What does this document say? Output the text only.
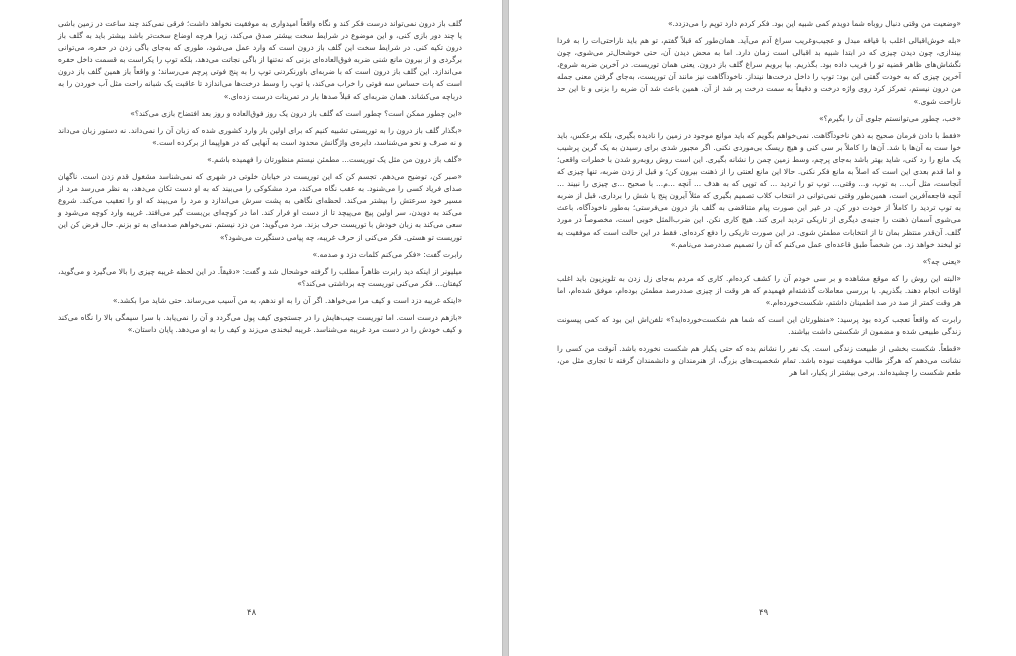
گلف باز درون نمی‌تواند درست فکر کند و نگاه واقعاً امیدواری به موفقیت نخواهد داشت؛ فرقی نمی‌کند چند ساعت در زمین باشی یا چند دور بازی کنی، و این موضوع در شرایط سخت بیشتر صدق می‌کند، زیرا هرچه اوضاع سخت‌تر باشد بیشتر باید به گلف باز درون تکیه کنی. در شرایط سخت این گلف باز درون است که وارد عمل می‌شود، طوری که به‌جای باگی زدن در حفره، می‌توانی برگردی و از بیرون مانع شنی ضربه فوق‌العاده‌ای بزنی که نه‌تنها از باگی نجاتت می‌دهد، بلکه توپ را یکراست به قسمت داخل حفره می‌اندازد. این گلف باز درون است که با ضربه‌ای باورنکردنی توپ را به پنج فوتی پرچم می‌رساند؛ و واقعاً باز همین گلف باز درون است که پات حساس سه فوتی را خراب می‌کند، یا توپ را وسط درخت‌ها می‌اندازد تا عاقبت یک شبانه راحت مثل آب خوردن را به درباچه می‌کشاند. همان ضربه‌ای که قبلاً صدها بار در تمرینات درست زده‌ای.»

«این چطور ممکن است؟ چطور است که گلف باز درون یک روز فوق‌العاده و روز بعد افتضاح بازی می‌کند؟»

«بگذار گلف باز درون را به توریستی تشبیه کنیم که برای اولین بار وارد کشوری شده که زبان آن را نمی‌داند. نه دستور زبان می‌داند و نه صرف و نحو می‌شناسد، دایره‌ی واژگانش محدود است به آنهایی که در هواپیما از برکرده است.»

«گلف باز درون من مثل یک توریست... مطمئن نیستم منظورتان را فهمیده باشم.»

«صبر کن، توضیح می‌دهم. تجسم کن که این توریست در خیابان خلوتی در شهری که نمی‌شناسد مشغول قدم زدن است. ناگهان صدای فریاد کسی را می‌شنود. به عقب نگاه می‌کند، مرد مشکوکی را می‌بیند که به او دست تکان می‌دهد، به نظر می‌رسد مرد از مسیر خود سرعتش را بیشتر می‌کند. لحظه‌ای نگاهی به پشت سرش می‌اندازد و مرد را می‌بیند که او را تعقیب می‌کند. شروع می‌کند به دویدن، سر اولین پیچ می‌پیچد تا از دست او فرار کند. اما در کوچه‌ای بن‌بست گیر می‌افتد. غریبه وارد کوچه می‌شود و سعی می‌کند به زبان خودش با توریست حرف بزند. مرد می‌گوید: من دزد نیستم. نمی‌خواهم صدمه‌ای به تو بزنم. حال فرض کن این توریست تو هستی. فکر می‌کنی از حرف غریبه، چه پیامی دستگیرت می‌شود؟»

رابرت گفت: «فکر می‌کنم کلمات دزد و صدمه.»

میلیونر از اینکه دید رابرت ظاهراً مطلب را گرفته خوشحال شد و گفت: «دقیقاً. در این لحظه غریبه چیزی را بالا می‌گیرد و می‌گوید، کیفتان... فکر می‌کنی توریست چه برداشتی می‌کند؟»

«اینکه غریبه دزد است و کیف مرا می‌خواهد. اگر آن را به او ندهم، به من آسیب می‌رساند. حتی شاید مرا بکشد.»

«بازهم درست است. اما توریست جیب‌هایش را در جستجوی کیف پول می‌گردد و آن را نمی‌یابد. با سرا سیمگی بالا را نگاه می‌کند و کیف خودش را در دست مرد غریبه می‌شناسد. غریبه لبخندی می‌زند و کیف را به او می‌دهد. پایان داستان.»

۴۸

«وضعیت من وقتی دنبال روباه شما دویدم کمی شبیه این بود. فکر کردم دارد توپم را می‌دزدد.»

«بله خوش‌اقبالی اغلب با قیافه مبدل و عجیب‌وغریب سراغ آدم می‌آید. همان‌طور که قبلاً گفتم، تو هم باید ناراحتی‌ات را به فردا بیندازی، چون دیدن چیزی که در ابتدا شبیه بد اقبالی است زمان دارد. اما به محض دیدن آن، حتی خوشحال‌تر می‌شوی، چون نگشاش‌های ظاهر قضیه تو را فریب داده بود. بگذریم. بیا برویم سراغ گلف باز درون. یعنی همان توریست. در آخرین ضربه شروع، آخرین چیزی که به خودت گفتی این بود: توپ را داخل درخت‌ها نینداز. ناخودآگاهت نیز مانند آن توریست، به‌جای گرفتن معنی جمله من درون نیستم، تمرکز کرد روی واژه درخت و دقیقاً به سمت درخت پر شد از آن. همین باعث شد آن ضربه را بزنی و تا این حد ناراحت شوی.»

«خب، چطور می‌توانستم جلوی آن را بگیرم؟»

«فقط با دادن فرمان صحیح به ذهن ناخودآگاهت. نمی‌خواهم بگویم که باید موانع موجود در زمین را نادیده بگیری، بلکه برعکس، باید خوا ست به آن‌ها با شد. آن‌ها را کاملاً بر سی کنی و هیچ ریسک بی‌موردی نکنی. اگر مجبور شدی برای رسیدن به یک گرین پرشیب یک مانع را رد کنی، شاید بهتر باشد به‌جای پرچم، وسط زمین چمن را نشانه بگیری. این است روش روبه‌رو شدن با خطرات واقعی؛ و اما قدم بعدی این است که اصلاً به مانع فکر نکنی. حالا این مانع لعنتی را از ذهنت بیرون کن؛ و قبل از زدن ضربه، تنها چیزی که آنجاست، مثل آب... به توپ، و... وقتی... توپ تو را تردید ... که توپی که به هدف ... آنچه ...م... با صحیح ...ی چیزی را نبیند ... آنچه فاجعه‌آفرین است، همین‌طور وقتی نمی‌توانی در انتخاب کلاب تصمیم بگیری که مثلاً آیرون پنج یا شش را برداری، قبل از ضربه به توپ تردید را کاملاً از خودت دور کن. در غیر این صورت پیام متناقضی به گلف باز درون می‌فرستی؛ به‌طور ناخودآگاه، باعث می‌شوی آسمان ذهنت را جنبه‌ی دیگری از تاریکی تردید ابری کند. هیچ کاری نکن. این ضرب‌المثل خوبی است، مخصوصاً در مورد گلف. آن‌قدر منتظر بمان تا از انتخابات مطمئن شوی. در این صورت تاریکی را دفع کرده‌ای. فقط در این حالت است که موفقیت به تو لبخند خواهد زد. من شخصاً طبق قاعده‌ای عمل می‌کنم که آن را تصمیم صددرصد می‌نامم.»

«یعنی چه؟»

«البته این روش را که موقع مشاهده و بر سی خودم آن را کشف کرده‌ام. کاری که مردم به‌جای زل زدن به تلویزیون باید اغلب اوقات انجام دهند. بگذریم. با بررسی معاملات گذشته‌ام فهمیدم که هر وقت از چیزی صددرصد مطمئن بوده‌ام، موفق شده‌ام، اما هر وقت کمتر از صد در صد اطمینان داشتم، شکست‌خورده‌ام.»

رابرت که واقعاً تعجب کرده بود پرسید: «منظورتان این است که شما هم شکست‌خورده‌اید؟» تلفن‌اش این بود که کمی پیسونت زندگی طبیعی شده و مضمون از شکستی داشت بیاشند.

«قطعاً. شکست بخشی از طبیعت زندگی است. یک نفر را نشانم بده که حتی یکبار هم شکست نخورده باشد. آنوقت من کسی را نشانت می‌دهم که هرگز طالب موفقیت نبوده باشد. تمام شخصیت‌های بزرگ، از هنرمندان و دانشمندان گرفته تا تجاری مثل من، طعم شکست را چشیده‌اند. برخی بیشتر از یکبار، اما هر

۴۹
